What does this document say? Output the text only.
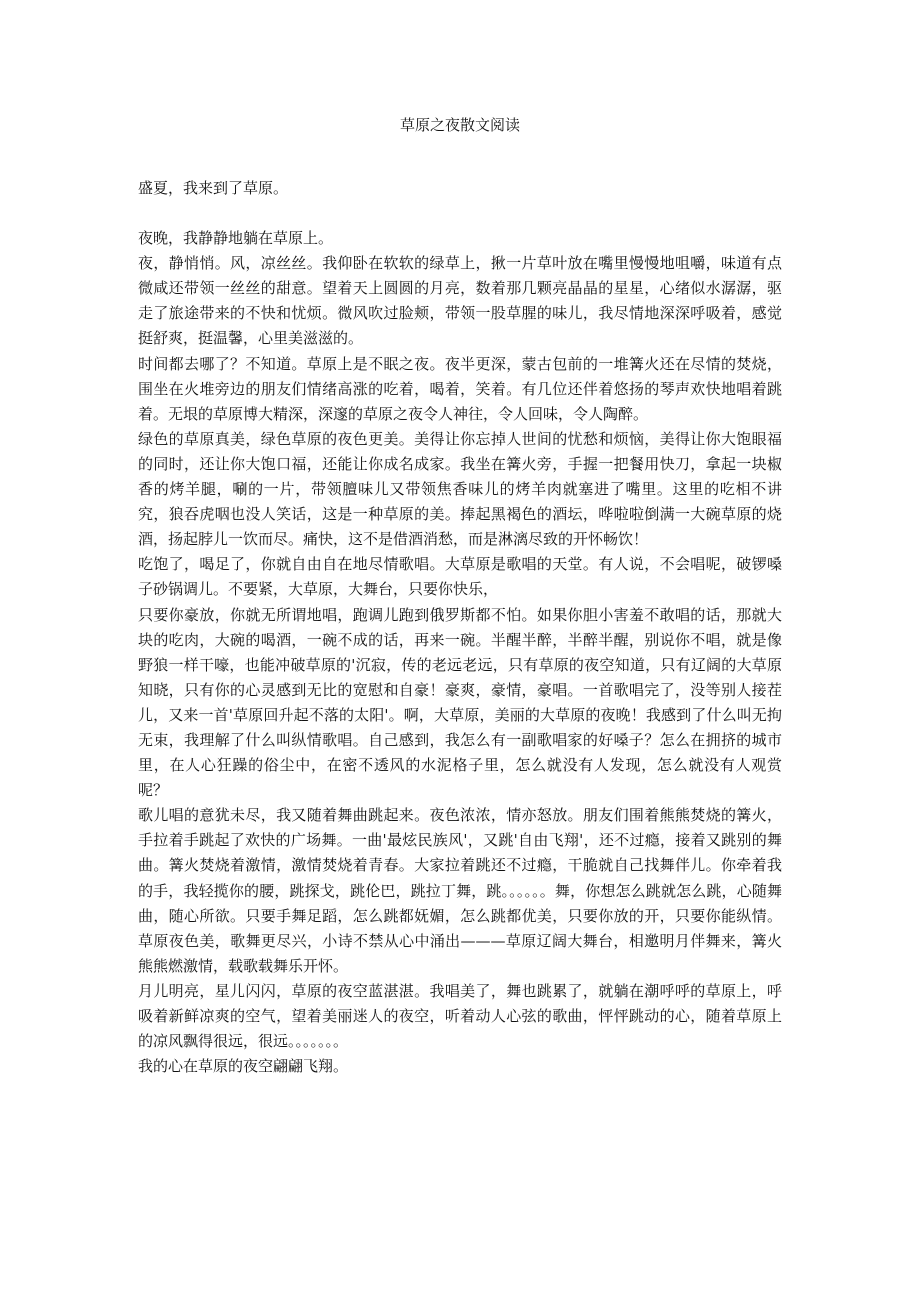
草原之夜散文阅读

盛夏，我来到了草原。

夜晚，我静静地躺在草原上。

夜，静悄悄。风，凉丝丝。我仰卧在软软的绿草上，揪一片草叶放在嘴里慢慢地咀嚼，味道有点微咸还带领一丝丝的甜意。望着天上圆圆的月亮，数着那几颗亮晶晶的星星，心绪似水潺潺，驱走了旅途带来的不快和忧烦。微风吹过脸颊，带领一股草腥的味儿，我尽情地深深呼吸着，感觉挺舒爽，挺温馨，心里美滋滋的。

时间都去哪了？不知道。草原上是不眠之夜。夜半更深，蒙古包前的一堆篝火还在尽情的焚烧，围坐在火堆旁边的朋友们情绪高涨的吃着，喝着，笑着。有几位还伴着悠扬的琴声欢快地唱着跳着。无垠的草原博大精深，深邃的草原之夜令人神往，令人回味，令人陶醉。

绿色的草原真美，绿色草原的夜色更美。美得让你忘掉人世间的忧愁和烦恼，美得让你大饱眼福的同时，还让你大饱口福，还能让你成名成家。我坐在篝火旁，手握一把餐用快刀，拿起一块椒香的烤羊腿，唰的一片，带领膻味儿又带领焦香味儿的烤羊肉就塞进了嘴里。这里的吃相不讲究，狼吞虎咽也没人笑话，这是一种草原的美。捧起黑褐色的酒坛，哗啦啦倒满一大碗草原的烧酒，扬起脖儿一饮而尽。痛快，这不是借酒消愁，而是淋漓尽致的开怀畅饮！

吃饱了，喝足了，你就自由自在地尽情歌唱。大草原是歌唱的天堂。有人说，不会唱呢，破锣嗓子砂锅调儿。不要紧，大草原，大舞台，只要你快乐，

只要你豪放，你就无所谓地唱，跑调儿跑到俄罗斯都不怕。如果你胆小害羞不敢唱的话，那就大块的吃肉，大碗的喝酒，一碗不成的话，再来一碗。半醒半醉，半醉半醒，别说你不唱，就是像野狼一样干嚎，也能冲破草原的'沉寂，传的老远老远，只有草原的夜空知道，只有辽阔的大草原知晓，只有你的心灵感到无比的宽慰和自豪！豪爽，豪情，豪唱。一首歌唱完了，没等别人接茬儿，又来一首'草原回升起不落的太阳'。啊，大草原，美丽的大草原的夜晚！我感到了什么叫无拘无束，我理解了什么叫纵情歌唱。自己感到，我怎么有一副歌唱家的好嗓子？怎么在拥挤的城市里，在人心狂躁的俗尘中，在密不透风的水泥格子里，怎么就没有人发现，怎么就没有人观赏呢？

歌儿唱的意犹未尽，我又随着舞曲跳起来。夜色浓浓，情亦怒放。朋友们围着熊熊焚烧的篝火，手拉着手跳起了欢快的广场舞。一曲'最炫民族风'，又跳'自由飞翔'，还不过瘾，接着又跳别的舞曲。篝火焚烧着激情，激情焚烧着青春。大家拉着跳还不过瘾，干脆就自己找舞伴儿。你牵着我的手，我轻揽你的腰，跳探戈，跳伦巴，跳拉丁舞，跳。。。。。。舞，你想怎么跳就怎么跳，心随舞曲，随心所欲。只要手舞足蹈，怎么跳都妩媚，怎么跳都优美，只要你放的开，只要你能纵情。草原夜色美，歌舞更尽兴，小诗不禁从心中涌出———草原辽阔大舞台，相邀明月伴舞来，篝火熊熊燃激情，载歌载舞乐开怀。

月儿明亮，星儿闪闪，草原的夜空蓝湛湛。我唱美了，舞也跳累了，就躺在潮呼呼的草原上，呼吸着新鲜凉爽的空气，望着美丽迷人的夜空，听着动人心弦的歌曲，怦怦跳动的心，随着草原上的凉风飘得很远，很远。。。。。。。

我的心在草原的夜空翩翩飞翔。
